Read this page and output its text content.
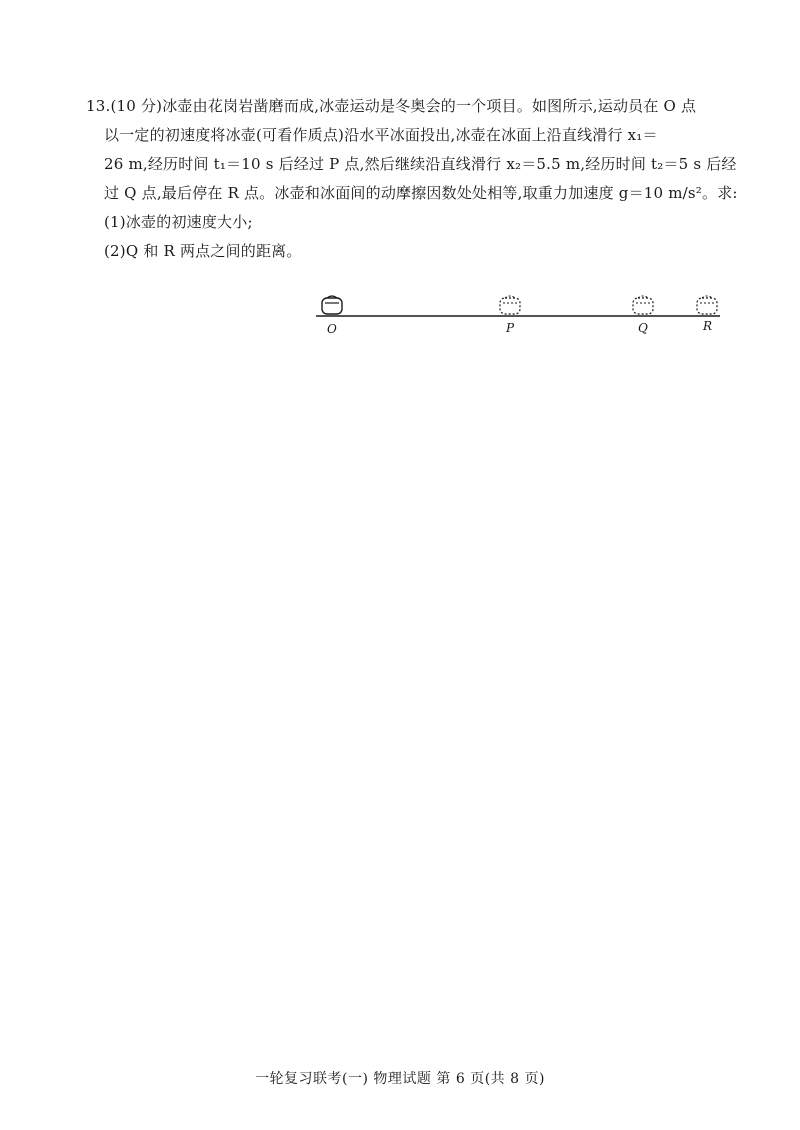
13.(10 分)冰壶由花岗岩凿磨而成,冰壶运动是冬奥会的一个项目。如图所示,运动员在 O 点
以一定的初速度将冰壶(可看作质点)沿水平冰面投出,冰壶在冰面上沿直线滑行 x₁＝
26 m,经历时间 t₁＝10 s 后经过 P 点,然后继续沿直线滑行 x₂＝5.5 m,经历时间 t₂＝5 s 后经
过 Q 点,最后停在 R 点。冰壶和冰面间的动摩擦因数处处相等,取重力加速度 g＝10 m/s²。求:
(1)冰壶的初速度大小;
(2)Q 和 R 两点之间的距离。
O	P	Q	R
一轮复习联考(一) 物理试题 第 6 页(共 8 页)
